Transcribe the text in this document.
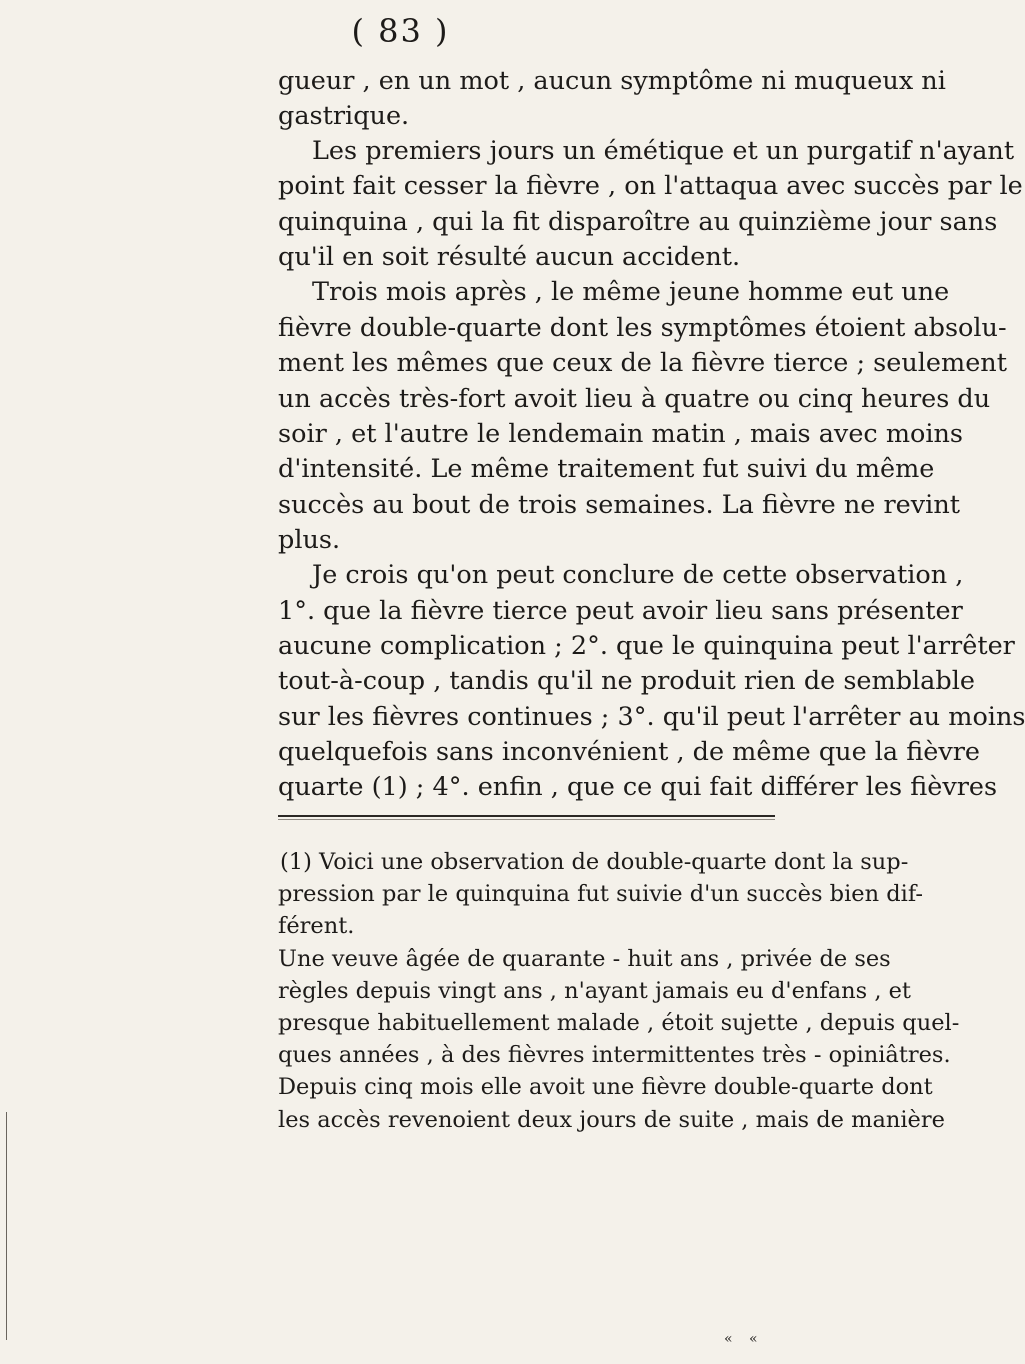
( 83 )
gueur , en un mot , aucun symptôme ni muqueux ni
gastrique.
Les premiers jours un émétique et un purgatif n'ayant
point fait cesser la fièvre , on l'attaqua avec succès par le
quinquina , qui la fit disparoître au quinzième jour sans
qu'il en soit résulté aucun accident.
Trois mois après , le même jeune homme eut une
fièvre double-quarte dont les symptômes étoient absolu-
ment les mêmes que ceux de la fièvre tierce ; seulement
un accès très-fort avoit lieu à quatre ou cinq heures du
soir , et l'autre le lendemain matin , mais avec moins
d'intensité. Le même traitement fut suivi du même
succès au bout de trois semaines. La fièvre ne revint
plus.
Je crois qu'on peut conclure de cette observation ,
1°. que la fièvre tierce peut avoir lieu sans présenter
aucune complication ; 2°. que le quinquina peut l'arrêter
tout-à-coup , tandis qu'il ne produit rien de semblable
sur les fièvres continues ; 3°. qu'il peut l'arrêter au moins
quelquefois sans inconvénient , de même que la fièvre
quarte (1) ; 4°. enfin , que ce qui fait différer les fièvres
(1) Voici une observation de double-quarte dont la sup-
pression par le quinquina fut suivie d'un succès bien dif-
férent.
Une veuve âgée de quarante - huit ans , privée de ses
règles depuis vingt ans , n'ayant jamais eu d'enfans , et
presque habituellement malade , étoit sujette , depuis quel-
ques années , à des fièvres intermittentes très - opiniâtres.
Depuis cinq mois elle avoit une fièvre double-quarte dont
les accès revenoient deux jours de suite , mais de manière
« «
